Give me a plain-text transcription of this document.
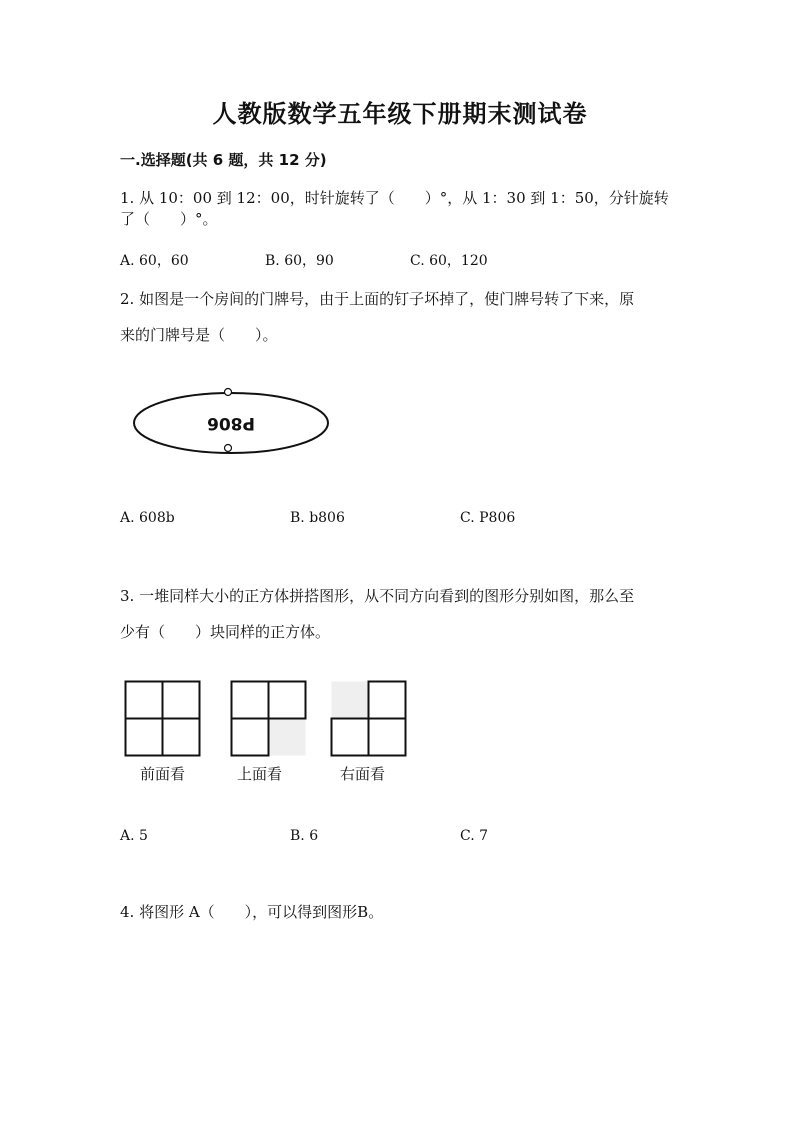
人教版数学五年级下册期末测试卷
一.选择题(共 6 题，共 12 分)
1. 从 10：00 到 12：00，时针旋转了（　　）°，从 1：30 到 1：50，分针旋转
了（　　）°。
A. 60，60	B. 60，90	C. 60，120
2. 如图是一个房间的门牌号，由于上面的钉子坏掉了，使门牌号转了下来，原
来的门牌号是（　　）。
P806
A. 608b	B. b806	C. P806
3. 一堆同样大小的正方体拼搭图形，从不同方向看到的图形分别如图，那么至
少有（　　）块同样的正方体。
前面看	上面看	右面看
A. 5	B. 6	C. 7
4. 将图形 A（　　），可以得到图形B。
